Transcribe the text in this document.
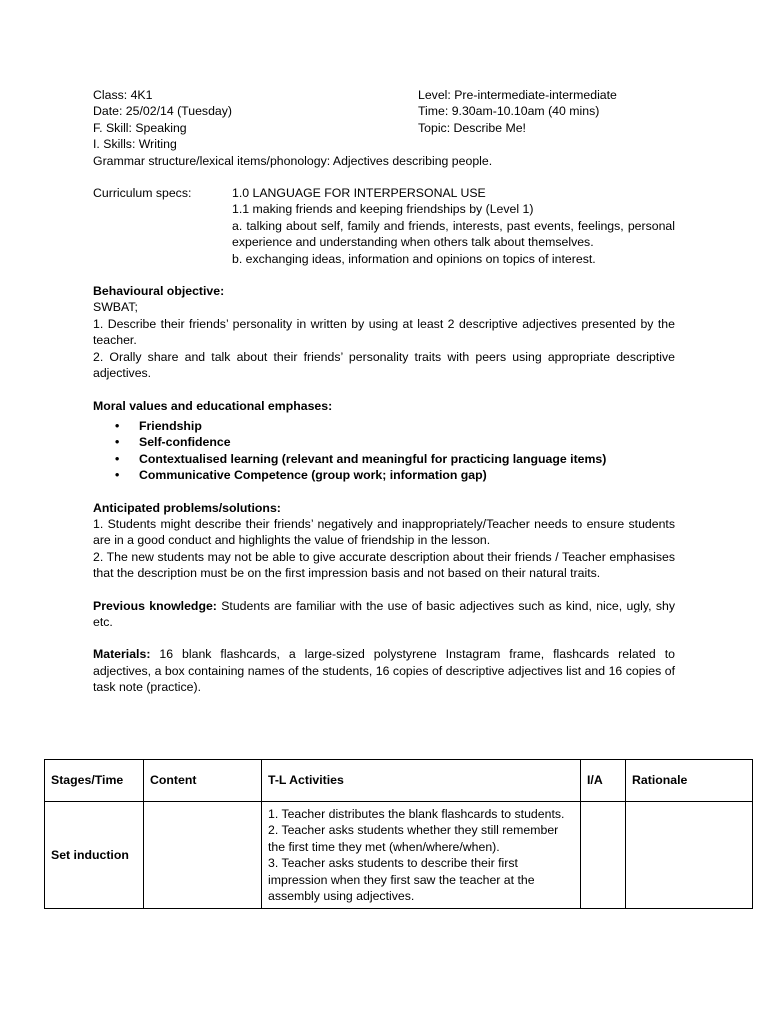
Class: 4K1	Level: Pre-intermediate-intermediate

Date: 25/02/14 (Tuesday)	Time: 9.30am-10.10am (40 mins)

F. Skill: Speaking	Topic: Describe Me!

I. Skills: Writing

Grammar structure/lexical items/phonology: Adjectives describing people.

Curriculum specs:	1.0 LANGUAGE FOR INTERPERSONAL USE

1.1 making friends and keeping friendships by (Level 1)

a. talking about self, family and friends, interests, past events, feelings, personal experience and understanding when others talk about themselves.

b. exchanging ideas, information and opinions on topics of interest.

Behavioural objective:

SWBAT;

1. Describe their friends’ personality in written by using at least 2 descriptive adjectives presented by the teacher.

2. Orally share and talk about their friends’ personality traits with peers using appropriate descriptive adjectives.

Moral values and educational emphases:

• Friendship
• Self-confidence
• Contextualised learning (relevant and meaningful for practicing language items)
• Communicative Competence (group work; information gap)

Anticipated problems/solutions:

1. Students might describe their friends’ negatively and inappropriately/Teacher needs to ensure students are in a good conduct and highlights the value of friendship in the lesson.

2. The new students may not be able to give accurate description about their friends / Teacher emphasises that the description must be on the first impression basis and not based on their natural traits.

Previous knowledge: Students are familiar with the use of basic adjectives such as kind, nice, ugly, shy etc.

Materials: 16 blank flashcards, a large-sized polystyrene Instagram frame, flashcards related to adjectives, a box containing names of the students, 16 copies of descriptive adjectives list and 16 copies of task note (practice).

Stages/Time	Content	T-L Activities	I/A	Rationale
Set induction		1. Teacher distributes the blank flashcards to students.

2. Teacher asks students whether they still remember the first time they met (when/where/when).

3. Teacher asks students to describe their first impression when they first saw the teacher at the assembly using adjectives.		
